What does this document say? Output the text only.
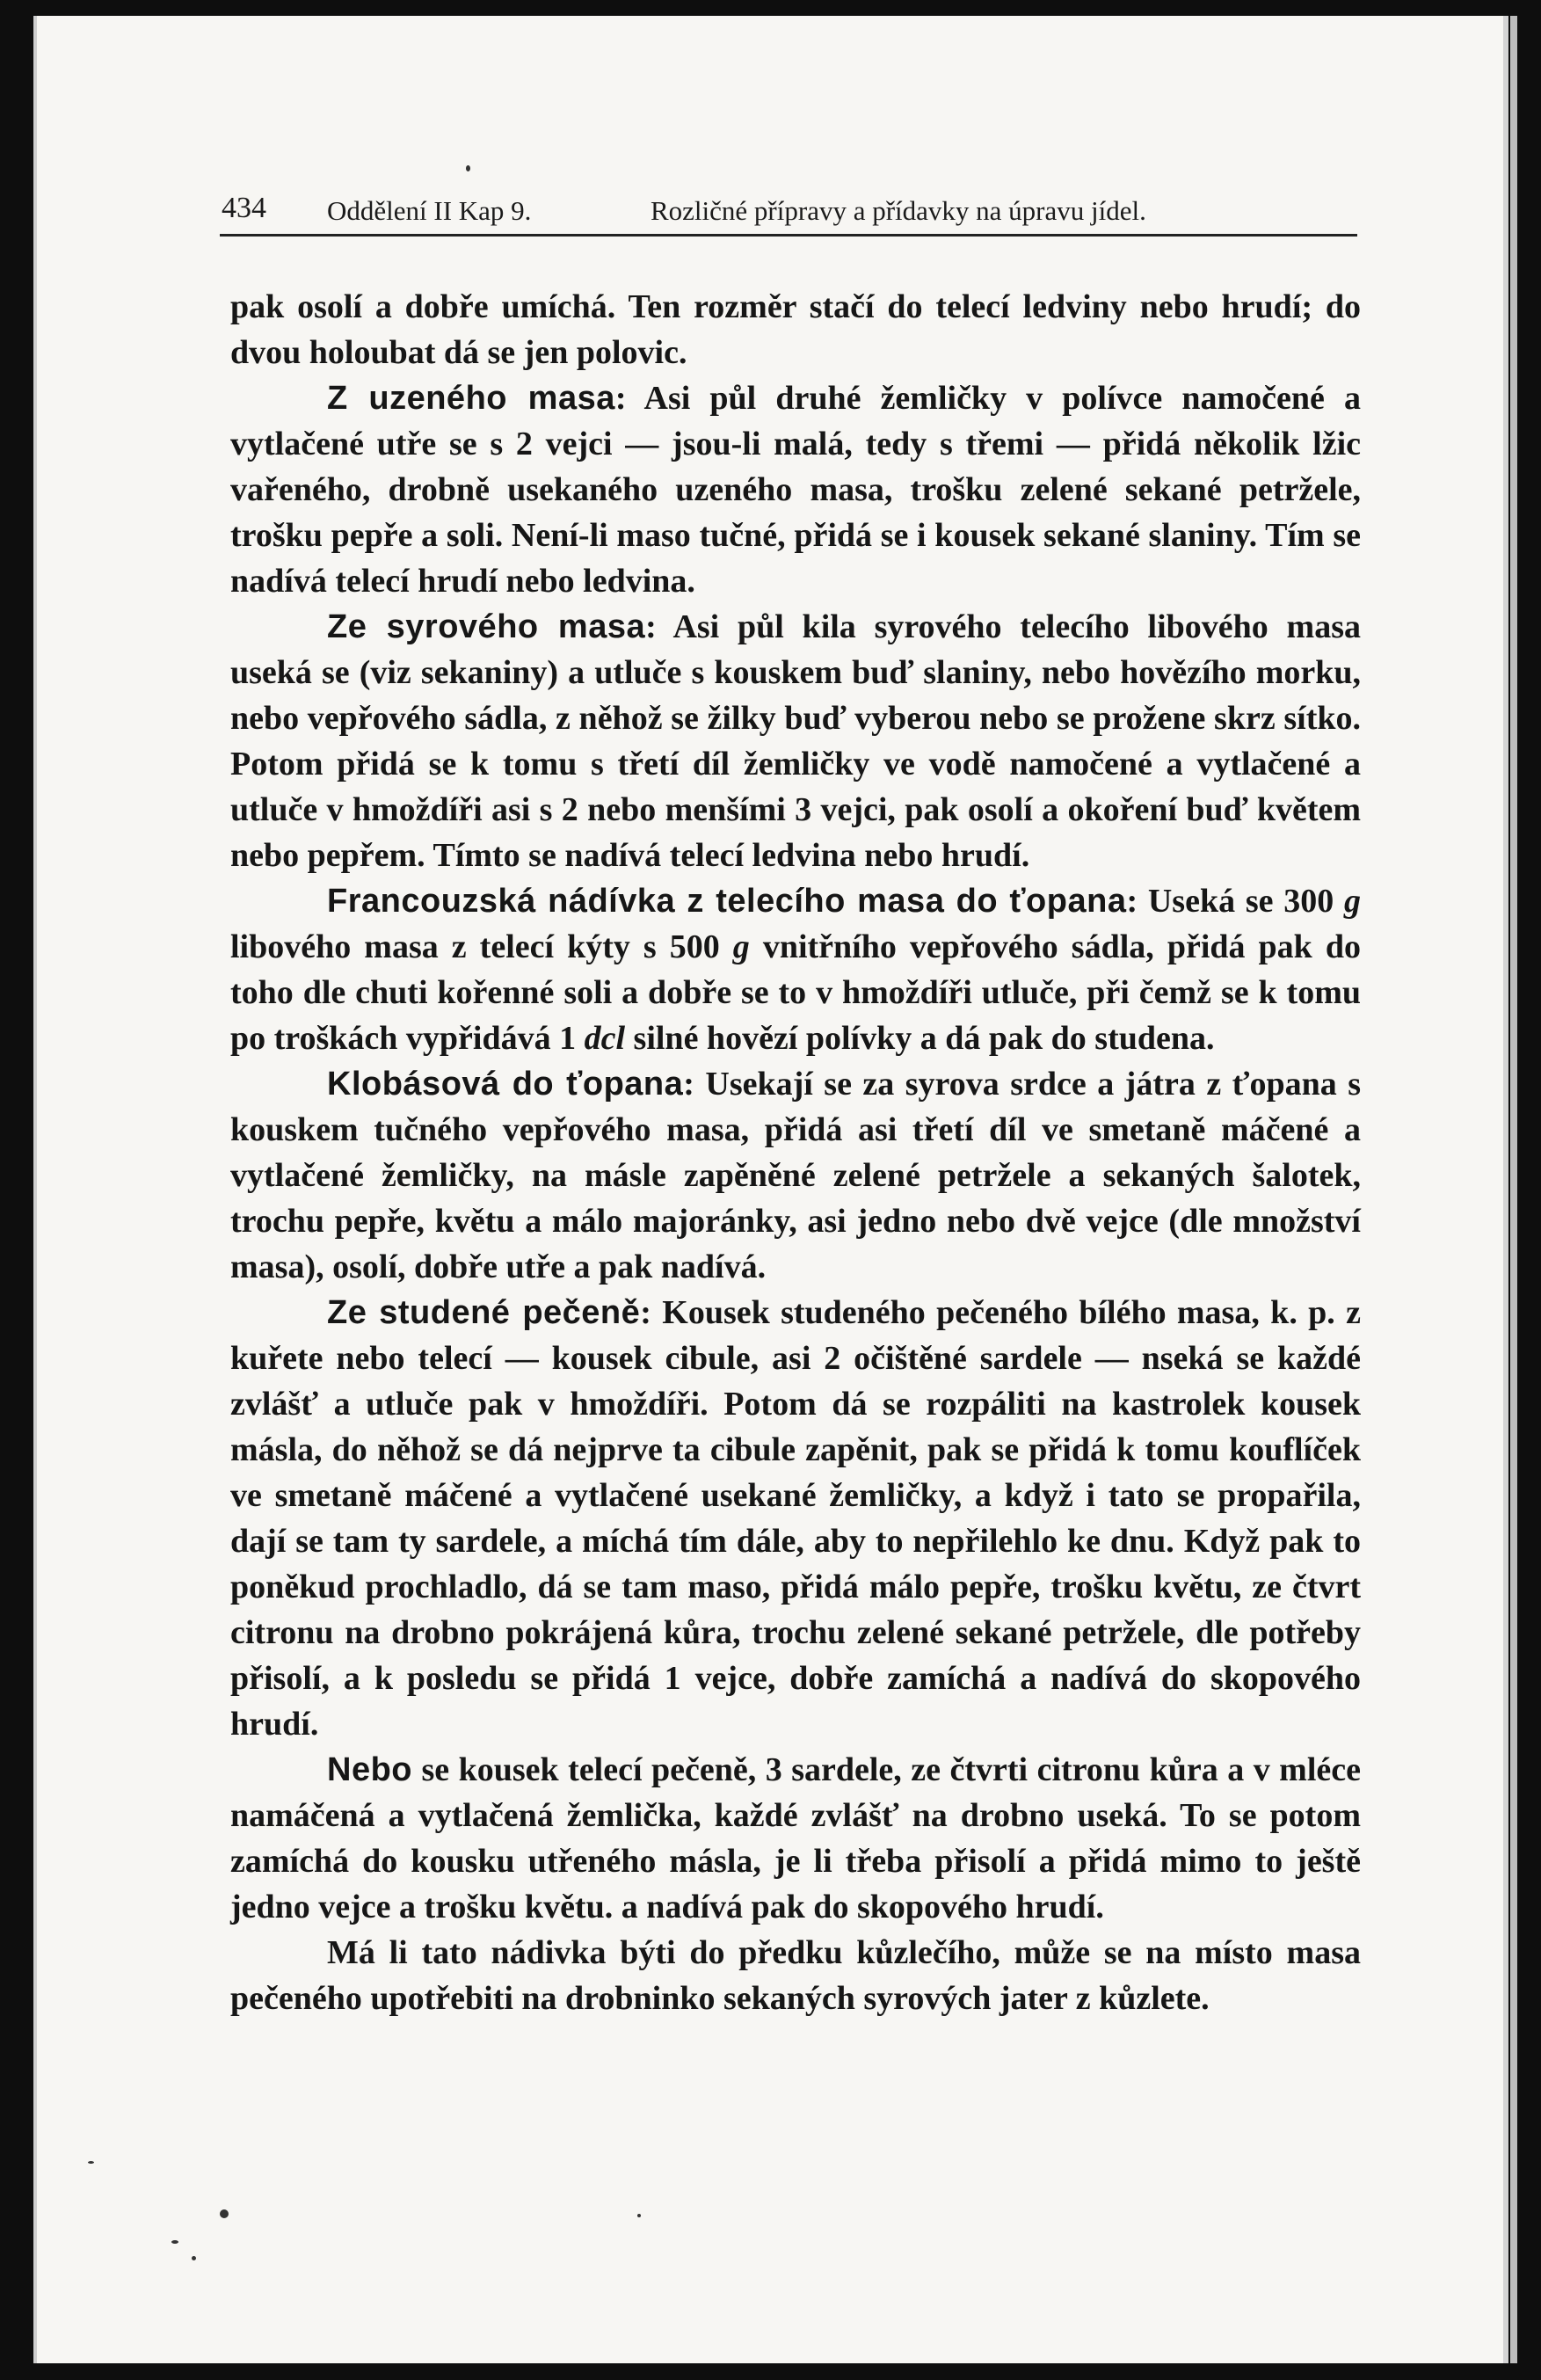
434 Oddělení II Kap 9.	Rozličné přípravy a přídavky na úpravu jídel.

pak osolí a dobře umíchá. Ten rozměr stačí do telecí ledviny nebo hrudí; do dvou holoubat dá se jen polovic.

Z uzeného masa: Asi půl druhé žemličky v polívce namočené a vytlačené utře se s 2 vejci — jsou-li malá, tedy s třemi — přidá několik lžic vařeného, drobně usekaného uzeného masa, trošku zelené sekané petržele, trošku pepře a soli. Není-li maso tučné, přidá se i kousek sekané slaniny. Tím se nadívá telecí hrudí nebo ledvina.

Ze syrového masa: Asi půl kila syrového telecího libového masa useká se (viz sekaniny) a utluče s kouskem buď slaniny, nebo hovězího morku, nebo vepřového sádla, z něhož se žilky buď vyberou nebo se prožene skrz sítko. Potom přidá se k tomu s třetí díl žemličky ve vodě namočené a vytlačené a utluče v hmoždíři asi s 2 nebo menšími 3 vejci, pak osolí a okoření buď květem nebo pepřem. Tímto se nadívá telecí ledvina nebo hrudí.

Francouzská nádívka z telecího masa do ťopana: Useká se 300 g libového masa z telecí kýty s 500 g vnitřního vepřového sádla, přidá pak do toho dle chuti kořenné soli a dobře se to v hmoždíři utluče, při čemž se k tomu po troškách vypřidává 1 dcl silné hovězí polívky a dá pak do studena.

Klobásová do ťopana: Usekají se za syrova srdce a játra z ťopana s kouskem tučného vepřového masa, přidá asi třetí díl ve smetaně máčené a vytlačené žemličky, na másle zapěněné zelené petržele a sekaných šalotek, trochu pepře, květu a málo majoránky, asi jedno nebo dvě vejce (dle množství masa), osolí, dobře utře a pak nadívá.

Ze studené pečeně: Kousek studeného pečeného bílého masa, k. p. z kuřete nebo telecí — kousek cibule, asi 2 očištěné sardele — nseká se každé zvlášť a utluče pak v hmoždíři. Potom dá se rozpáliti na kastrolek kousek másla, do něhož se dá nejprve ta cibule zapěnit, pak se přidá k tomu kouflíček ve smetaně máčené a vytlačené usekané žemličky, a když i tato se propařila, dají se tam ty sardele, a míchá tím dále, aby to nepřilehlo ke dnu. Když pak to poněkud prochladlo, dá se tam maso, přidá málo pepře, trošku květu, ze čtvrt citronu na drobno pokrájená kůra, trochu zelené sekané petržele, dle potřeby přisolí, a k posledu se přidá 1 vejce, dobře zamíchá a nadívá do skopového hrudí.

Nebo se kousek telecí pečeně, 3 sardele, ze čtvrti citronu kůra a v mléce namáčená a vytlačená žemlička, každé zvlášť na drobno useká. To se potom zamíchá do kousku utřeného másla, je li třeba přisolí a přidá mimo to ještě jedno vejce a trošku květu. a nadívá pak do skopového hrudí.

Má li tato nádivka býti do předku kůzlečího, může se na místo masa pečeného upotřebiti na drobninko sekaných syrových jater z kůzlete.
